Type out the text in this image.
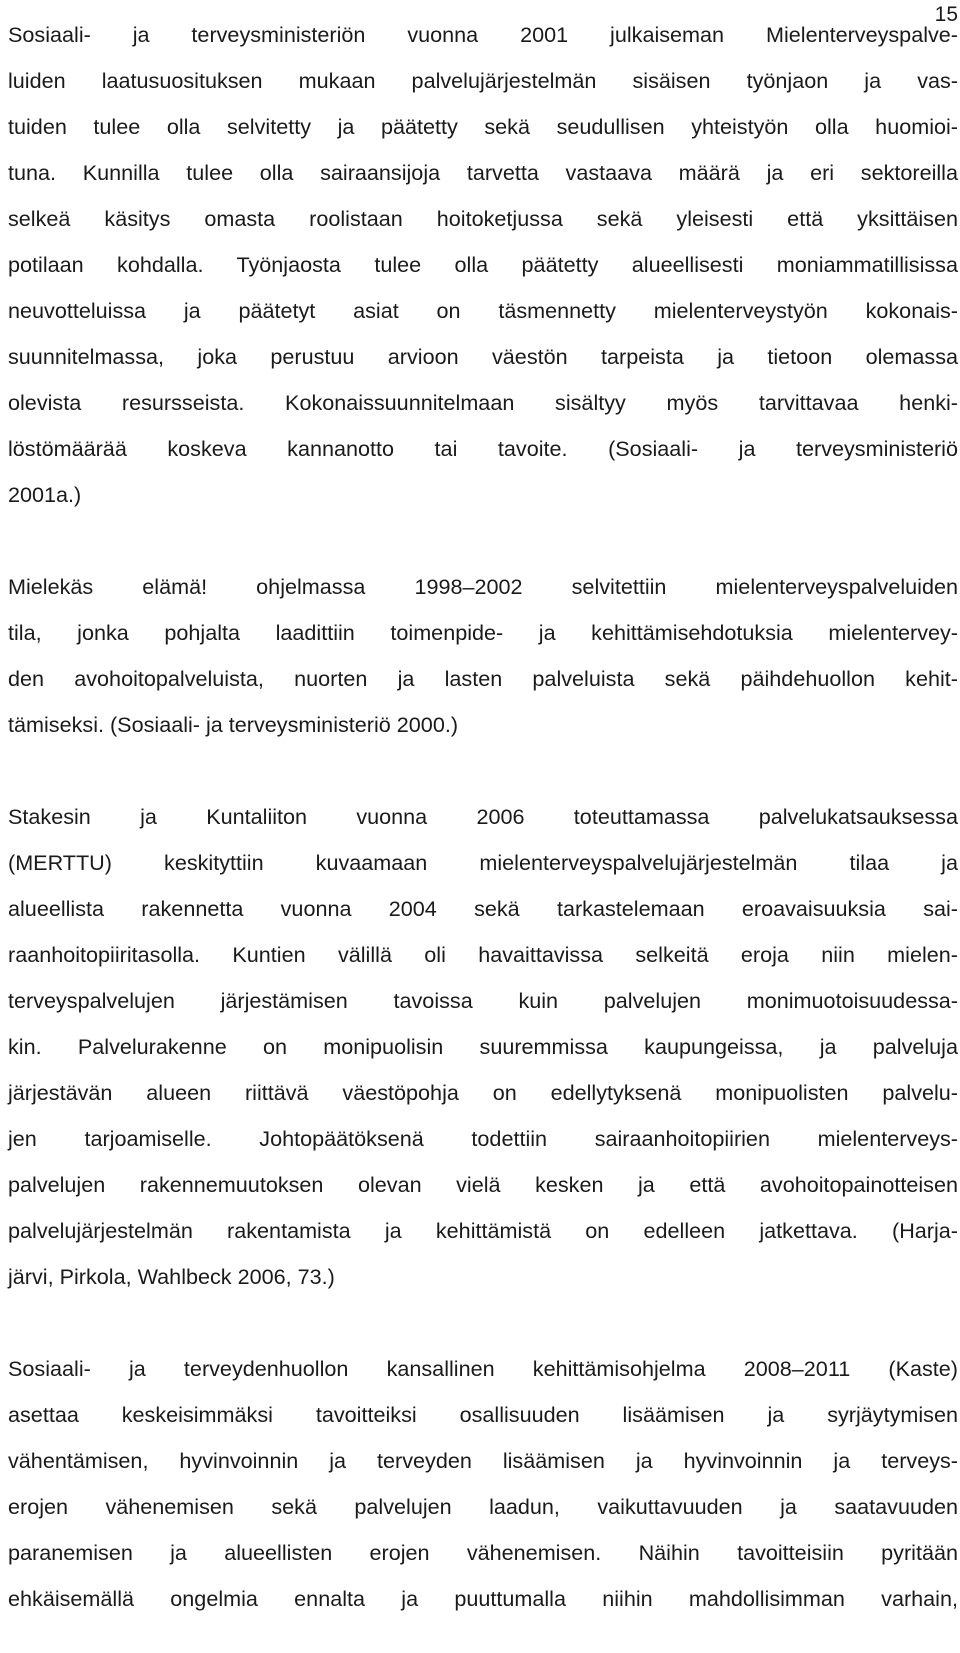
15
Sosiaali- ja terveysministeriön vuonna 2001 julkaiseman Mielenterveyspalve-
luiden laatusuosituksen mukaan palvelujärjestelmän sisäisen työnjaon ja vas-
tuiden tulee olla selvitetty ja päätetty sekä seudullisen yhteistyön olla huomioi-
tuna. Kunnilla tulee olla sairaansijoja tarvetta vastaava määrä ja eri sektoreilla
selkeä käsitys omasta roolistaan hoitoketjussa sekä yleisesti että yksittäisen
potilaan kohdalla. Työnjaosta tulee olla päätetty alueellisesti moniammatillisissa
neuvotteluissa ja päätetyt asiat on täsmennetty mielenterveystyön kokonais-
suunnitelmassa, joka perustuu arvioon väestön tarpeista ja tietoon olemassa
olevista resursseista. Kokonaissuunnitelmaan sisältyy myös tarvittavaa henki-
löstömäärää koskeva kannanotto tai tavoite. (Sosiaali- ja terveysministeriö
2001a.)
Mielekäs elämä! ohjelmassa 1998–2002 selvitettiin mielenterveyspalveluiden
tila, jonka pohjalta laadittiin toimenpide- ja kehittämisehdotuksia mielentervey-
den avohoitopalveluista, nuorten ja lasten palveluista sekä päihdehuollon kehit-
tämiseksi. (Sosiaali- ja terveysministeriö 2000.)
Stakesin ja Kuntaliiton vuonna 2006 toteuttamassa palvelukatsauksessa
(MERTTU) keskityttiin kuvaamaan mielenterveyspalvelujärjestelmän tilaa ja
alueellista rakennetta vuonna 2004 sekä tarkastelemaan eroavaisuuksia sai-
raanhoitopiiritasolla. Kuntien välillä oli havaittavissa selkeitä eroja niin mielen-
terveyspalvelujen järjestämisen tavoissa kuin palvelujen monimuotoisuudessa-
kin. Palvelurakenne on monipuolisin suuremmissa kaupungeissa, ja palveluja
järjestävän alueen riittävä väestöpohja on edellytyksenä monipuolisten palvelu-
jen tarjoamiselle. Johtopäätöksenä todettiin sairaanhoitopiirien mielenterveys-
palvelujen rakennemuutoksen olevan vielä kesken ja että avohoitopainotteisen
palvelujärjestelmän rakentamista ja kehittämistä on edelleen jatkettava. (Harja-
järvi, Pirkola, Wahlbeck 2006, 73.)
Sosiaali- ja terveydenhuollon kansallinen kehittämisohjelma 2008–2011 (Kaste)
asettaa keskeisimmäksi tavoitteiksi osallisuuden lisäämisen ja syrjäytymisen
vähentämisen, hyvinvoinnin ja terveyden lisäämisen ja hyvinvoinnin ja terveys-
erojen vähenemisen sekä palvelujen laadun, vaikuttavuuden ja saatavuuden
paranemisen ja alueellisten erojen vähenemisen. Näihin tavoitteisiin pyritään
ehkäisemällä ongelmia ennalta ja puuttumalla niihin mahdollisimman varhain,
